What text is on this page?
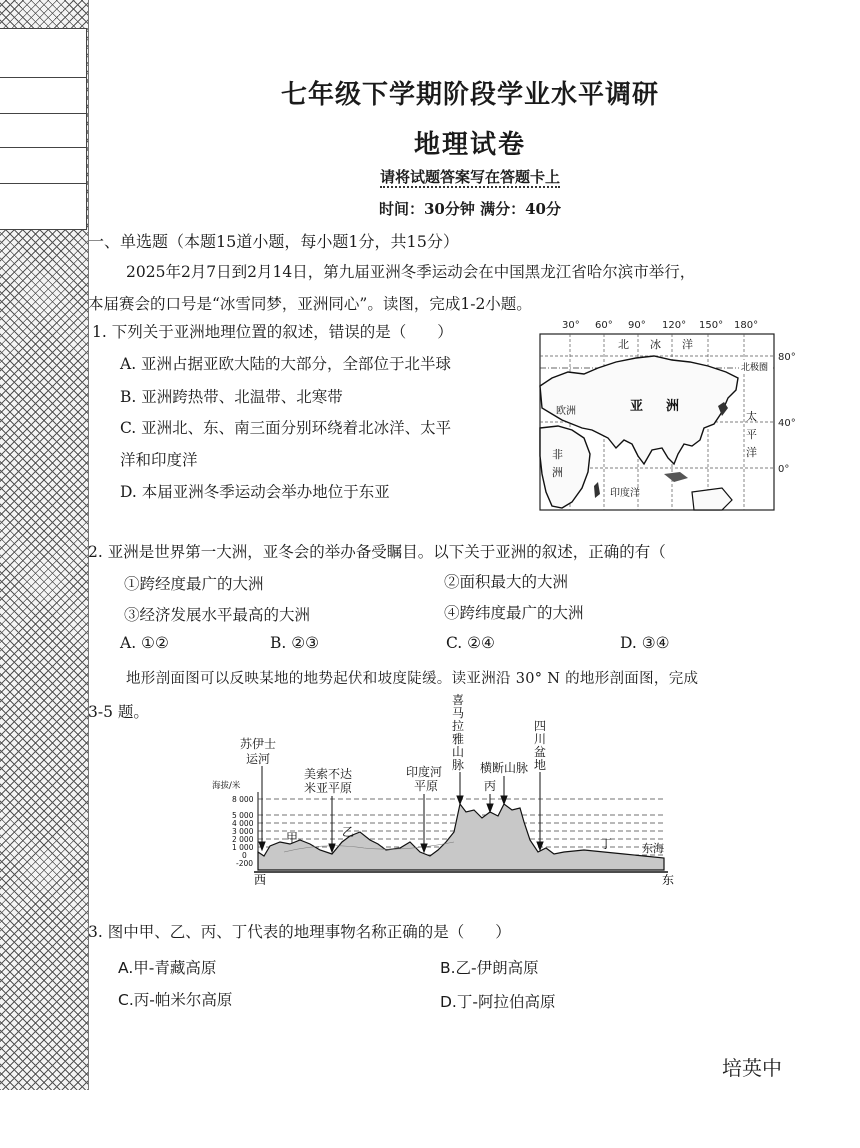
七年级下学期阶段学业水平调研
地理试卷
请将试题答案写在答题卡上
时间：30分钟 满分：40分
一、单选题（本题15道小题，每小题1分，共15分）
2025年2月7日到2月14日，第九届亚洲冬季运动会在中国黑龙江省哈尔滨市举行，
本届赛会的口号是“冰雪同梦，亚洲同心”。读图，完成1-2小题。
1. 下列关于亚洲地理位置的叙述，错误的是（　　）
A. 亚洲占据亚欧大陆的大部分，全部位于北半球
B. 亚洲跨热带、北温带、北寒带
C. 亚洲北、东、南三面分别环绕着北冰洋、太平
洋和印度洋
D. 本届亚洲冬季运动会举办地位于东亚
30° 60° 90° 120° 150° 180°
80°
40°
0°
北极圈
北 冰 洋
亚 洲
欧洲
非
洲
太
平
洋
印度洋
2. 亚洲是世界第一大洲，亚冬会的举办备受瞩目。以下关于亚洲的叙述，正确的有（
①跨经度最广的大洲	②面积最大的大洲
③经济发展水平最高的大洲	④跨纬度最广的大洲
A. ①②	B. ②③	C. ②④	D. ③④
地形剖面图可以反映某地的地势起伏和坡度陡缓。读亚洲沿 30° N 的地形剖面图，完成
3-5 题。
苏伊士
运河
美索不达
米亚平原
印度河
平原
喜
马
拉
雅
山
脉 横断山脉
四
川
盆
地
丙
海拔/米
8 000
5 000
4 000
3 000
2 000
1 000
0
-200
甲	乙
丁	东海
西	东
3. 图中甲、乙、丙、丁代表的地理事物名称正确的是（　　）
A.甲-青藏高原	B.乙-伊朗高原
C.丙-帕米尔高原	D.丁-阿拉伯高原
培英中
